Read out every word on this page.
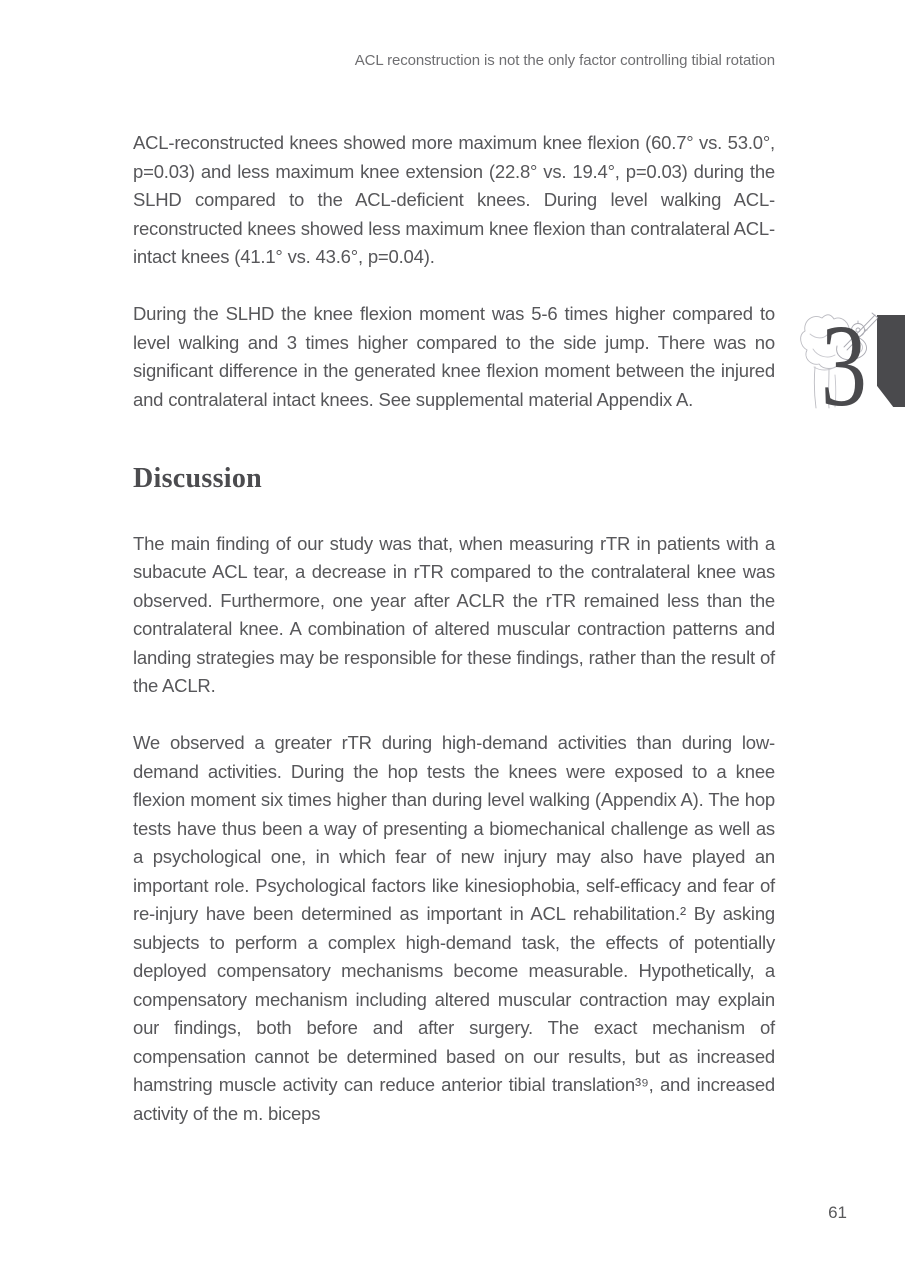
ACL reconstruction is not the only factor controlling tibial rotation

ACL-reconstructed knees showed more maximum knee flexion (60.7° vs. 53.0°, p=0.03) and less maximum knee extension (22.8° vs. 19.4°, p=0.03) during the SLHD compared to the ACL-deficient knees. During level walking ACL-reconstructed knees showed less maximum knee flexion than contralateral ACL-intact knees (41.1° vs. 43.6°, p=0.04).

During the SLHD the knee flexion moment was 5-6 times higher compared to level walking and 3 times higher compared to the side jump. There was no significant difference in the generated knee flexion moment between the injured and contralateral intact knees. See supplemental material Appendix A.

Discussion

The main finding of our study was that, when measuring rTR in patients with a subacute ACL tear, a decrease in rTR compared to the contralateral knee was observed. Furthermore, one year after ACLR the rTR remained less than the contralateral knee. A combination of altered muscular contraction patterns and landing strategies may be responsible for these findings, rather than the result of the ACLR.

We observed a greater rTR during high-demand activities than during low-demand activities. During the hop tests the knees were exposed to a knee flexion moment six times higher than during level walking (Appendix A). The hop tests have thus been a way of presenting a biomechanical challenge as well as a psychological one, in which fear of new injury may also have played an important role. Psychological factors like kinesiophobia, self-efficacy and fear of re-injury have been determined as important in ACL rehabilitation.² By asking subjects to perform a complex high-demand task, the effects of potentially deployed compensatory mechanisms become measurable. Hypothetically, a compensatory mechanism including altered muscular contraction may explain our findings, both before and after surgery. The exact mechanism of compensation cannot be determined based on our results, but as increased hamstring muscle activity can reduce anterior tibial translation³⁹, and increased activity of the m. biceps

3
61
